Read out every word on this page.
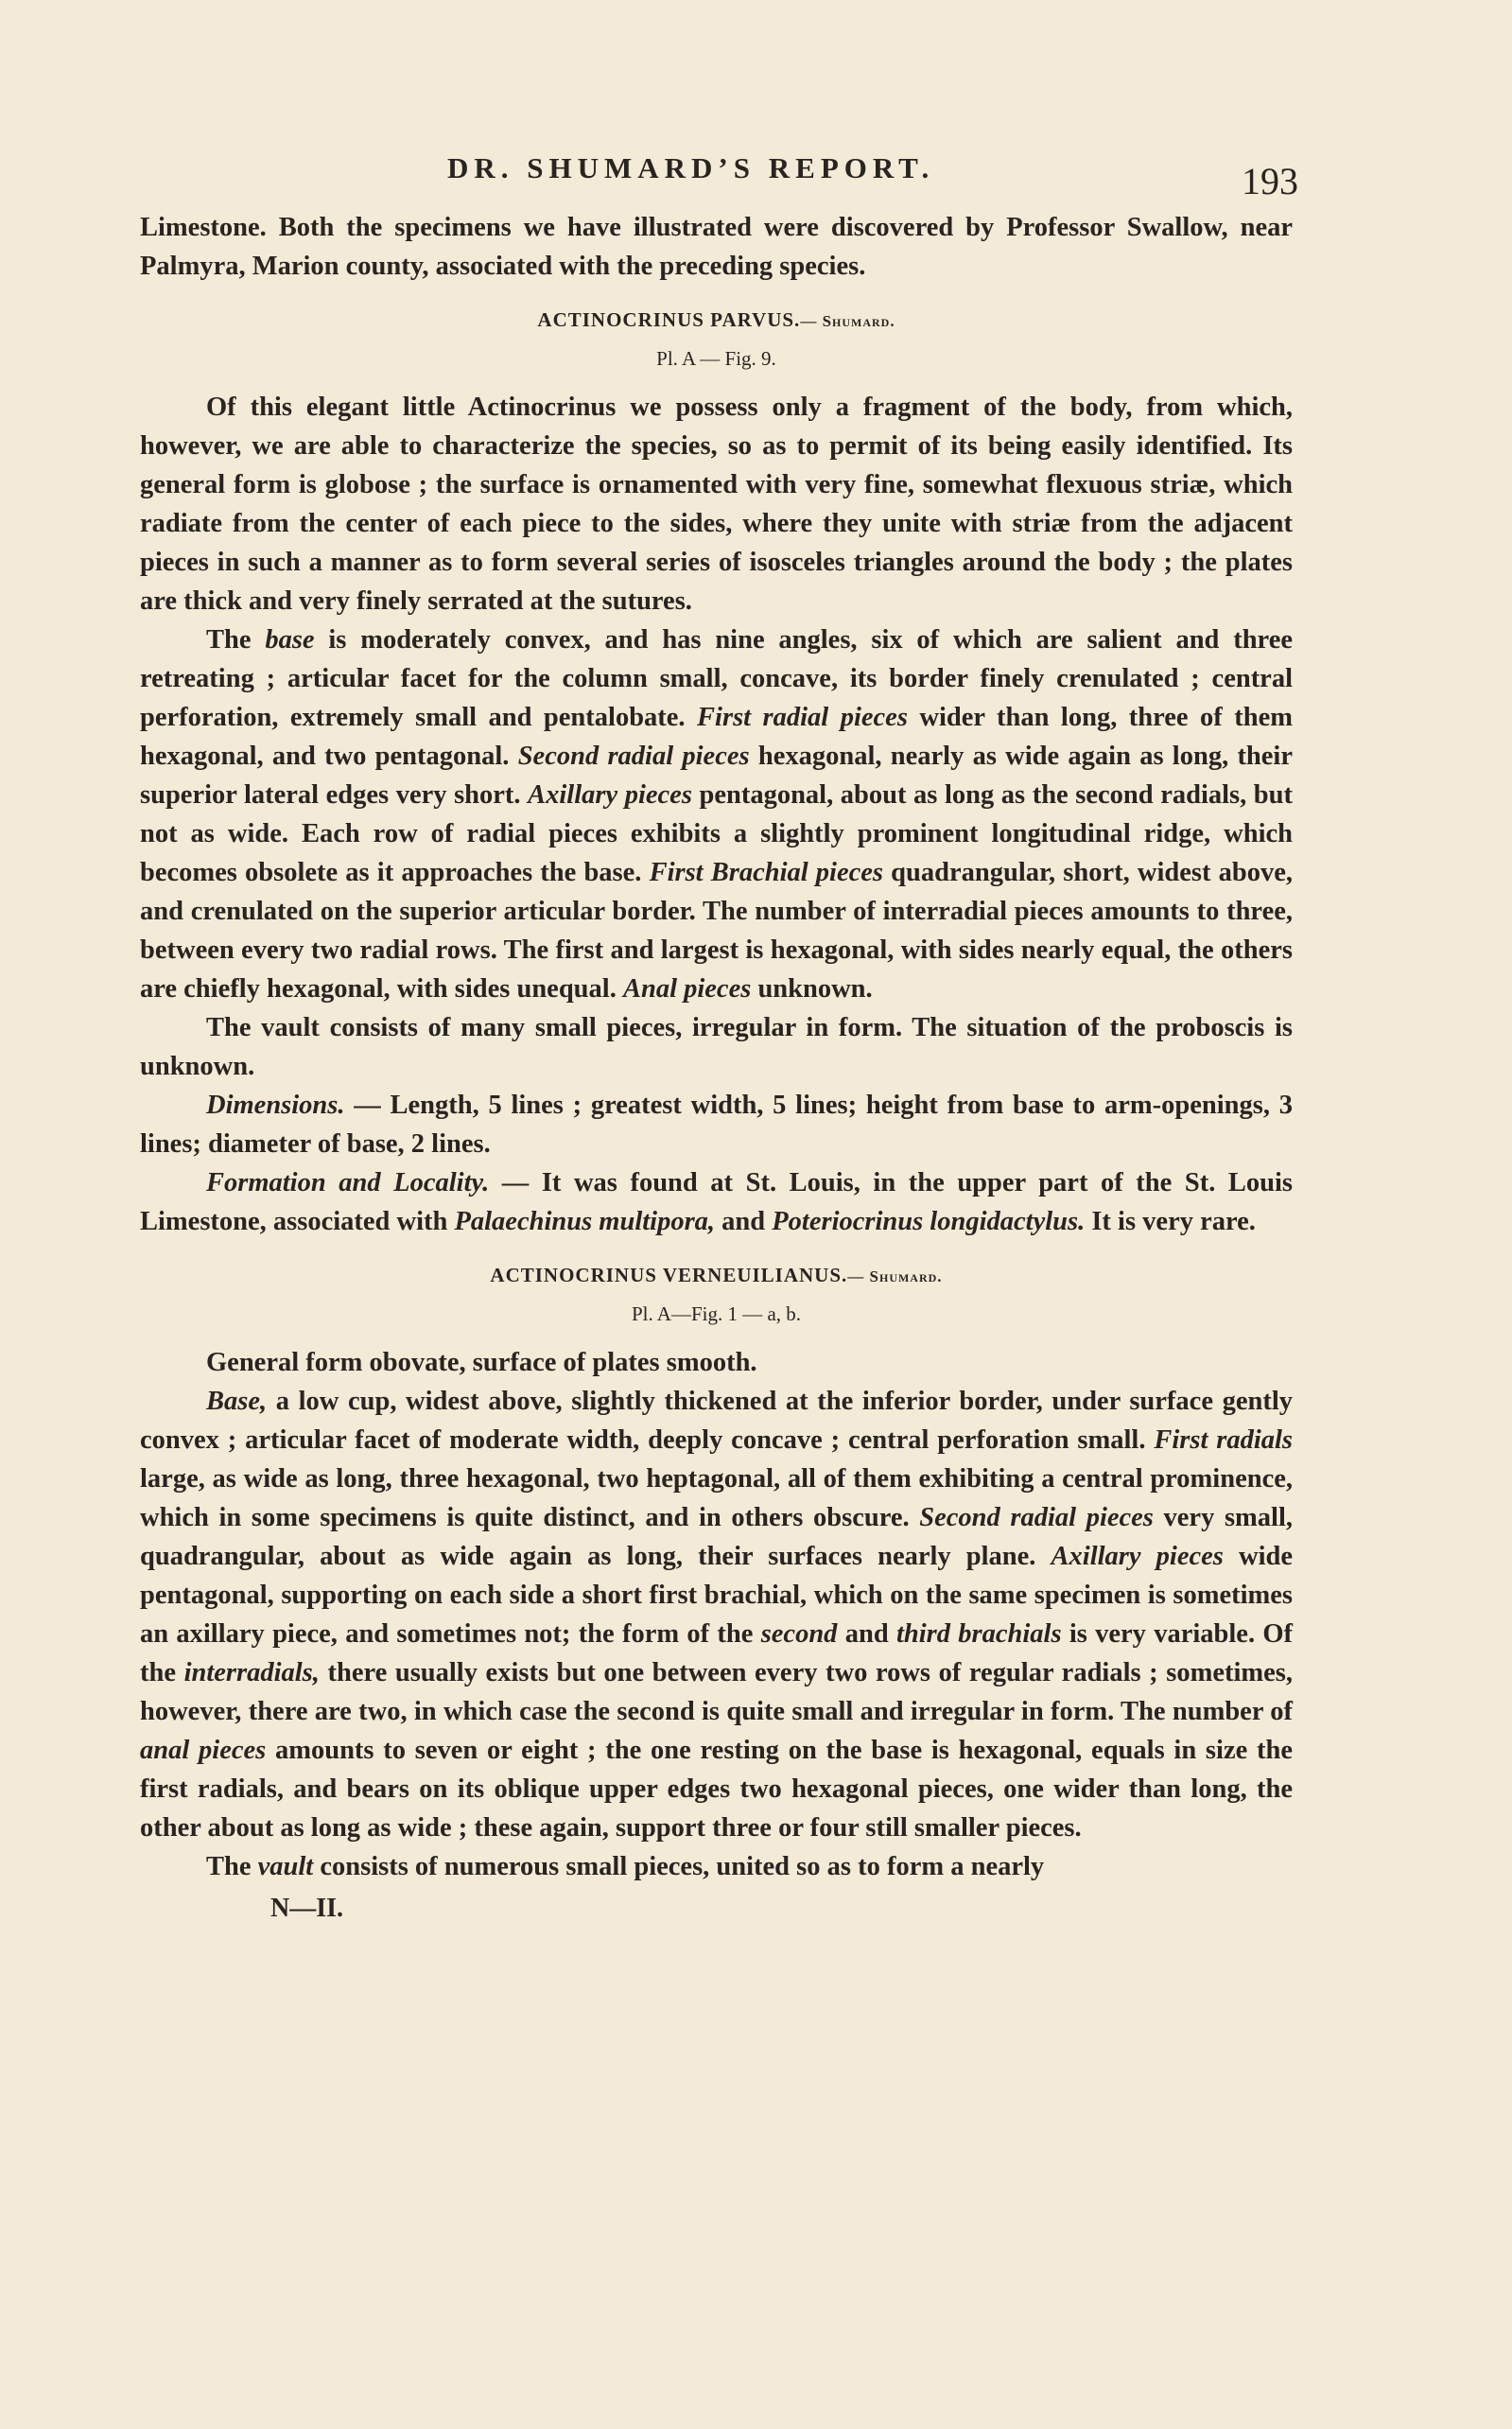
DR. SHUMARD’S REPORT.	193

Limestone. Both the specimens we have illustrated were discovered by Professor Swallow, near Palmyra, Marion county, associated with the preceding species.

ACTINOCRINUS PARVUS.— Shumard.
Pl. A — Fig. 9.

Of this elegant little Actinocrinus we possess only a fragment of the body, from which, however, we are able to characterize the species, so as to permit of its being easily identified. Its general form is globose ; the surface is ornamented with very fine, somewhat flexuous striæ, which radiate from the center of each piece to the sides, where they unite with striæ from the adjacent pieces in such a manner as to form several series of isosceles triangles around the body ; the plates are thick and very finely serrated at the sutures.

The base is moderately convex, and has nine angles, six of which are salient and three retreating ; articular facet for the column small, concave, its border finely crenulated ; central perforation, extremely small and pentalobate. First radial pieces wider than long, three of them hexagonal, and two pentagonal. Second radial pieces hexagonal, nearly as wide again as long, their superior lateral edges very short. Axillary pieces pentagonal, about as long as the second radials, but not as wide. Each row of radial pieces exhibits a slightly prominent longitudinal ridge, which becomes obsolete as it approaches the base. First Brachial pieces quadrangular, short, widest above, and crenulated on the superior articular border. The number of interradial pieces amounts to three, between every two radial rows. The first and largest is hexagonal, with sides nearly equal, the others are chiefly hexagonal, with sides unequal. Anal pieces unknown.

The vault consists of many small pieces, irregular in form. The situation of the proboscis is unknown.

Dimensions. — Length, 5 lines ; greatest width, 5 lines; height from base to arm-openings, 3 lines; diameter of base, 2 lines.

Formation and Locality. — It was found at St. Louis, in the upper part of the St. Louis Limestone, associated with Palaechinus multipora, and Poteriocrinus longidactylus. It is very rare.

ACTINOCRINUS VERNEUILIANUS.— Shumard.
Pl. A—Fig. 1 — a, b.

General form obovate, surface of plates smooth.

Base, a low cup, widest above, slightly thickened at the inferior border, under surface gently convex ; articular facet of moderate width, deeply concave ; central perforation small. First radials large, as wide as long, three hexagonal, two heptagonal, all of them exhibiting a central prominence, which in some specimens is quite distinct, and in others obscure. Second radial pieces very small, quadrangular, about as wide again as long, their surfaces nearly plane. Axillary pieces wide pentagonal, supporting on each side a short first brachial, which on the same specimen is sometimes an axillary piece, and sometimes not; the form of the second and third brachials is very variable. Of the interradials, there usually exists but one between every two rows of regular radials ; sometimes, however, there are two, in which case the second is quite small and irregular in form. The number of anal pieces amounts to seven or eight ; the one resting on the base is hexagonal, equals in size the first radials, and bears on its oblique upper edges two hexagonal pieces, one wider than long, the other about as long as wide ; these again, support three or four still smaller pieces.

The vault consists of numerous small pieces, united so as to form a nearly

N—II.
